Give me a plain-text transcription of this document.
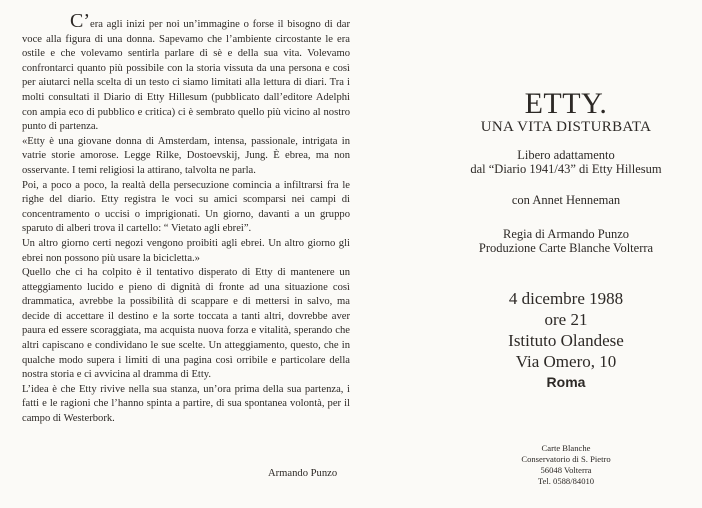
C’era agli inizi per noi un’immagine o forse il bisogno di dar voce alla figura di una donna. Sapevamo che l’ambiente circostante le era ostile e che volevamo sentirla parlare di sè e della sua vita. Volevamo confrontarci quanto più possibile con la storia vissuta da una persona e così per aiutarci nella scelta di un testo ci siamo limitati alla lettura di diari. Tra i molti consultati il Diario di Etty Hillesum (pubblicato dall’editore Adelphi con ampia eco di pubblico e critica) ci è sembrato quello più vicino al nostro punto di partenza.

«Etty è una giovane donna di Amsterdam, intensa, passionale, intrigata in vatrie storie amorose. Legge Rilke, Dostoevskij, Jung. È ebrea, ma non osservante. I temi religiosi la attirano, talvolta ne parla.

Poi, a poco a poco, la realtà della persecuzione comincia a infiltrarsi fra le righe del diario. Etty registra le voci su amici scomparsi nei campi di concentramento o uccisi o imprigionati. Un giorno, davanti a un gruppo sparuto di alberi trova il cartello: “ Vietato agli ebrei”.

Un altro giorno certi negozi vengono proibiti agli ebrei. Un altro giorno gli ebrei non possono più usare la bicicletta.»

Quello che ci ha colpito è il tentativo disperato di Etty di mantenere un atteggiamento lucido e pieno di dignità di fronte ad una situazione così drammatica, avrebbe la possibilità di scappare e di mettersi in salvo, ma decide di accettare il destino e la sorte toccata a tanti altri, dovrebbe aver paura ed essere scoraggiata, ma acquista nuova forza e vitalità, sperando che altri capiscano e condividano le sue scelte. Un atteggiamento, questo, che in qualche modo supera i limiti di una pagina così orribile e particolare della nostra storia e ci avvicina al dramma di Etty.

L’idea è che Etty rivive nella sua stanza, un’ora prima della sua partenza, i fatti e le ragioni che l’hanno spinta a partire, di sua spontanea volontà, per il campo di Westerbork.

Armando Punzo
ETTY.
UNA VITA DISTURBATA
Libero adattamento
dal “Diario 1941/43” di Etty Hillesum
con Annet Henneman
Regia di Armando Punzo
Produzione Carte Blanche Volterra
4 dicembre 1988
ore 21
Istituto Olandese
Via Omero, 10
Roma
Carte Blanche
Conservatorio di S. Pietro
56048 Volterra
Tel. 0588/84010
